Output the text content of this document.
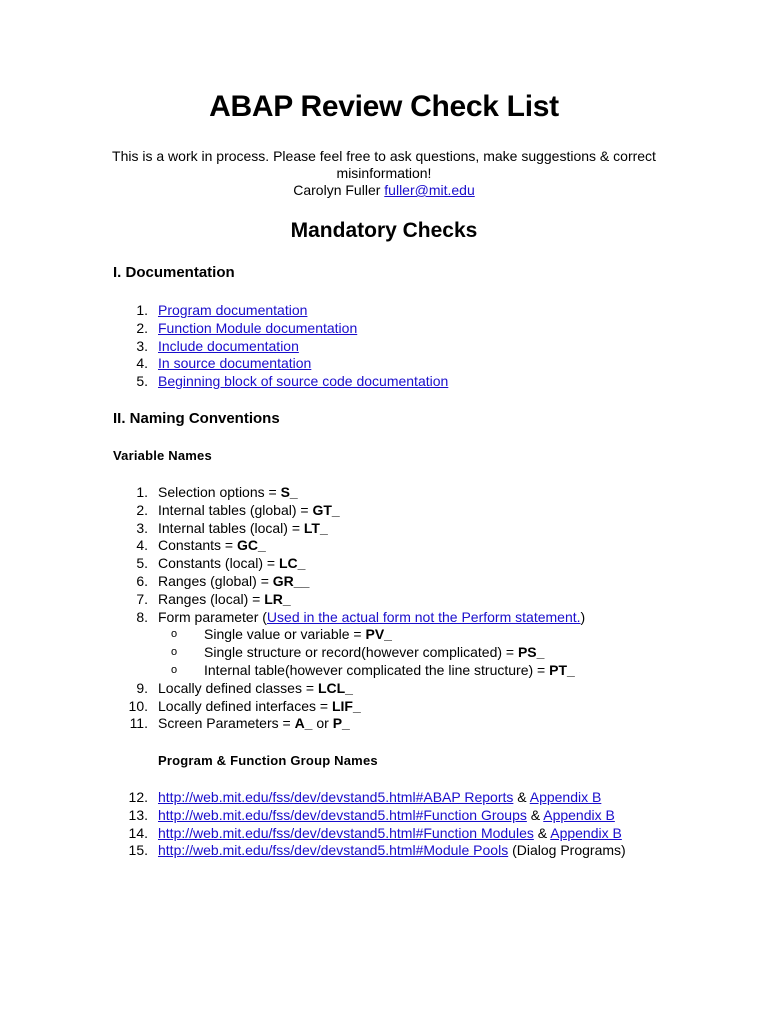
ABAP Review Check List
This is a work in process. Please feel free to ask questions, make suggestions & correct misinformation!
Carolyn Fuller fuller@mit.edu
Mandatory Checks
I. Documentation
1. Program documentation
2. Function Module documentation
3. Include documentation
4. In source documentation
5. Beginning block of source code documentation
II. Naming Conventions
Variable Names
1. Selection options = S_
2. Internal tables (global) = GT_
3. Internal tables (local) = LT_
4. Constants = GC_
5. Constants (local) = LC_
6. Ranges (global) = GR__
7. Ranges (local) = LR_
8. Form parameter (Used in the actual form not the Perform statement.)
o Single value or variable = PV_
o Single structure or record(however complicated) = PS_
o Internal table(however complicated the line structure) = PT_
9. Locally defined classes = LCL_
10. Locally defined interfaces = LIF_
11. Screen Parameters = A_ or P_
Program & Function Group Names
12. http://web.mit.edu/fss/dev/devstand5.html#ABAP Reports & Appendix B
13. http://web.mit.edu/fss/dev/devstand5.html#Function Groups & Appendix B
14. http://web.mit.edu/fss/dev/devstand5.html#Function Modules & Appendix B
15. http://web.mit.edu/fss/dev/devstand5.html#Module Pools (Dialog Programs)
